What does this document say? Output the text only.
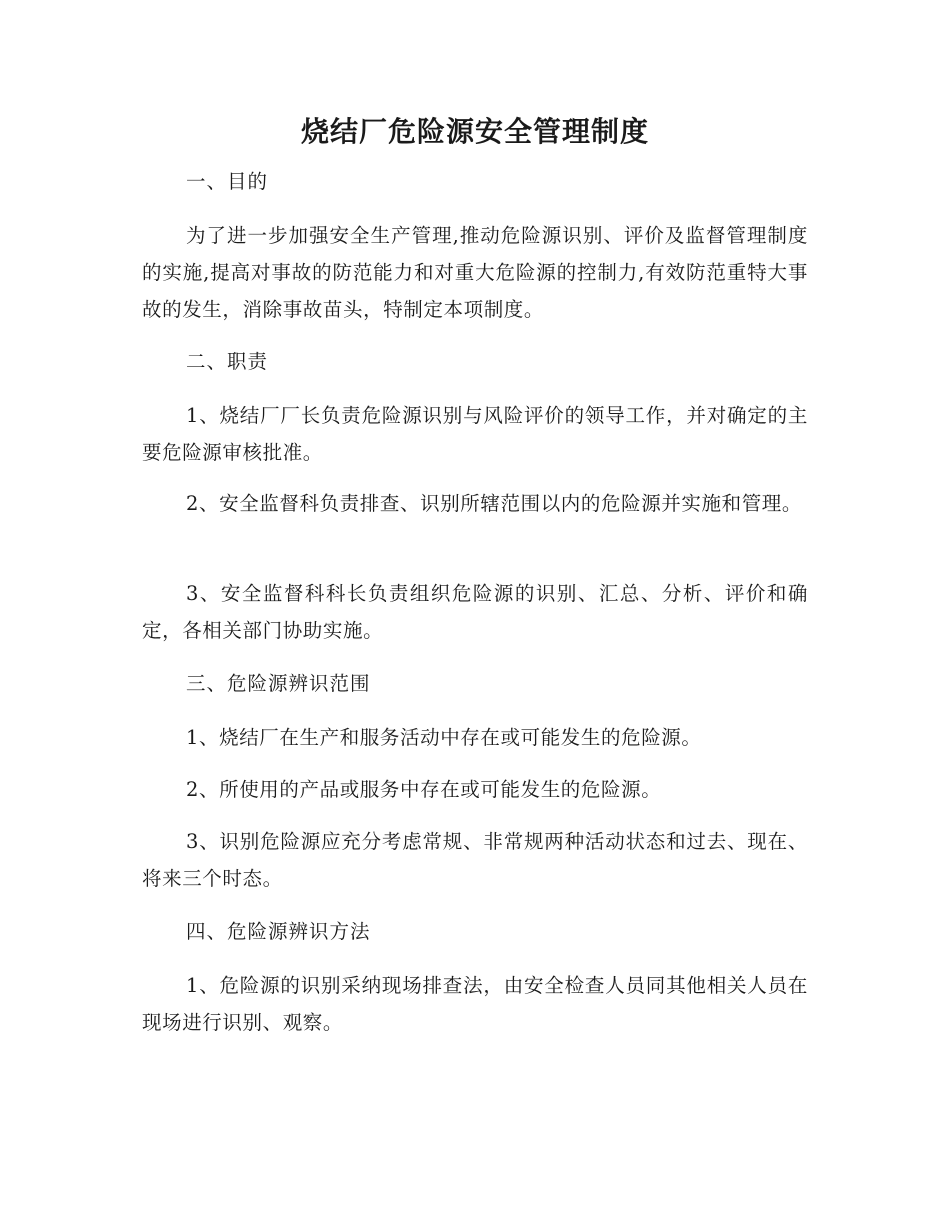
烧结厂危险源安全管理制度

一、目的

为了进一步加强安全生产管理,推动危险源识别、评价及监督管理制度的实施,提高对事故的防范能力和对重大危险源的控制力,有效防范重特大事故的发生，消除事故苗头，特制定本项制度。

二、职责

1、烧结厂厂长负责危险源识别与风险评价的领导工作，并对确定的主要危险源审核批准。

2、安全监督科负责排查、识别所辖范围以内的危险源并实施和管理。

3、安全监督科科长负责组织危险源的识别、汇总、分析、评价和确定，各相关部门协助实施。

三、危险源辨识范围

1、烧结厂在生产和服务活动中存在或可能发生的危险源。

2、所使用的产品或服务中存在或可能发生的危险源。

3、识别危险源应充分考虑常规、非常规两种活动状态和过去、现在、将来三个时态。

四、危险源辨识方法

1、危险源的识别采纳现场排查法，由安全检查人员同其他相关人员在现场进行识别、观察。
